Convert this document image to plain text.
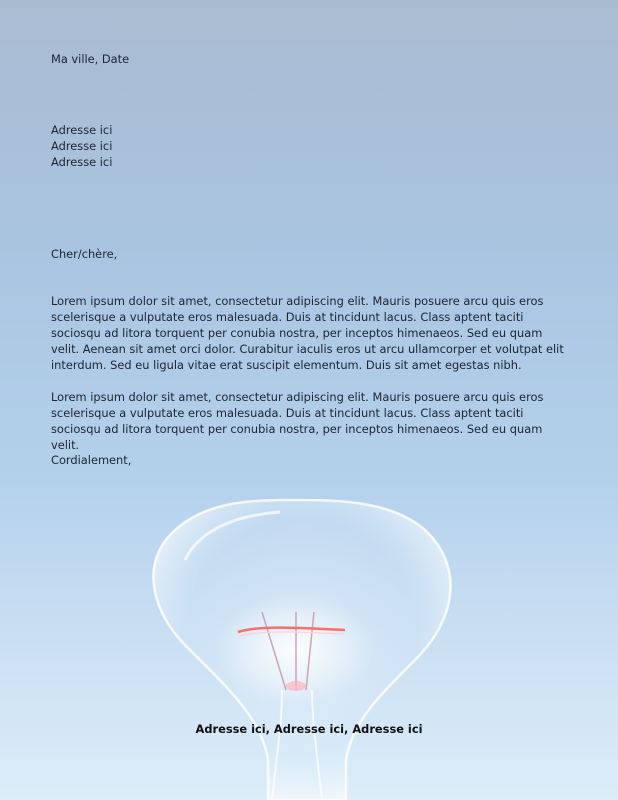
Ma ville, Date

Adresse ici
Adresse ici
Adresse ici

Cher/chère,

Lorem ipsum dolor sit amet, consectetur adipiscing elit. Mauris posuere arcu quis eros scelerisque a vulputate eros malesuada. Duis at tincidunt lacus. Class aptent taciti sociosqu ad litora torquent per conubia nostra, per inceptos himenaeos. Sed eu quam velit. Aenean sit amet orci dolor. Curabitur iaculis eros ut arcu ullamcorper et volutpat elit interdum. Sed eu ligula vitae erat suscipit elementum. Duis sit amet egestas nibh.

Lorem ipsum dolor sit amet, consectetur adipiscing elit. Mauris posuere arcu quis eros scelerisque a vulputate eros malesuada. Duis at tincidunt lacus. Class aptent taciti sociosqu ad litora torquent per conubia nostra, per inceptos himenaeos. Sed eu quam velit.

Cordialement,

Adresse ici, Adresse ici, Adresse ici
